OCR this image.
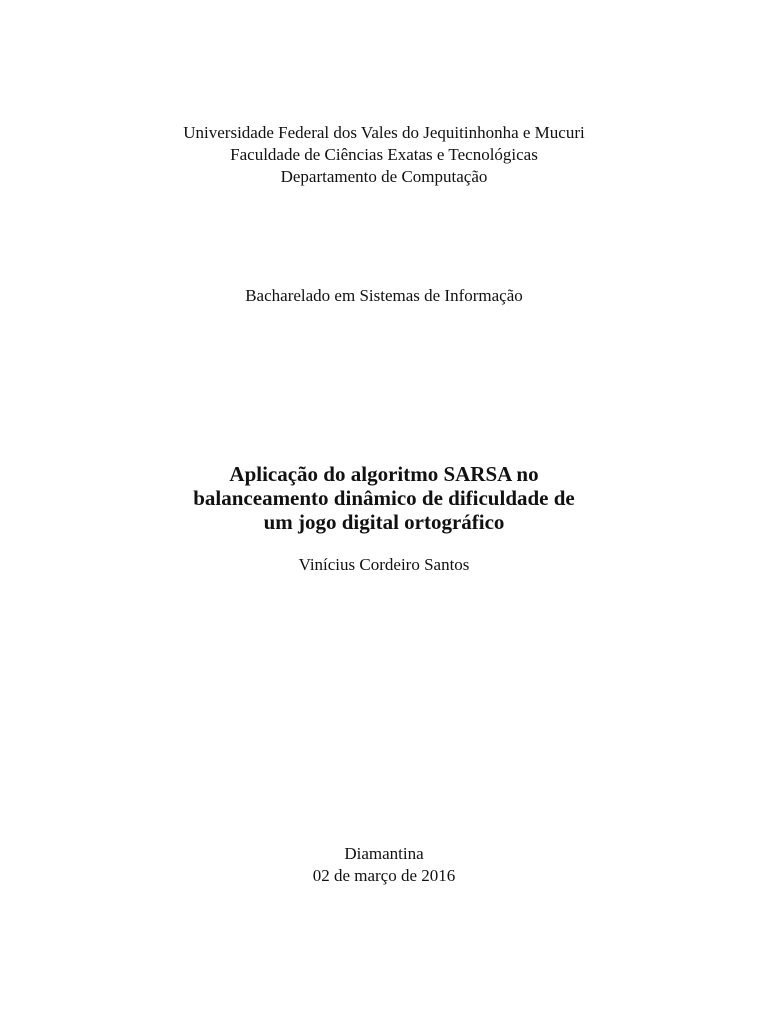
Universidade Federal dos Vales do Jequitinhonha e Mucuri
Faculdade de Ciências Exatas e Tecnológicas
Departamento de Computação
Bacharelado em Sistemas de Informação
Aplicação do algoritmo SARSA no
balanceamento dinâmico de dificuldade de
um jogo digital ortográfico
Vinícius Cordeiro Santos
Diamantina
02 de março de 2016
